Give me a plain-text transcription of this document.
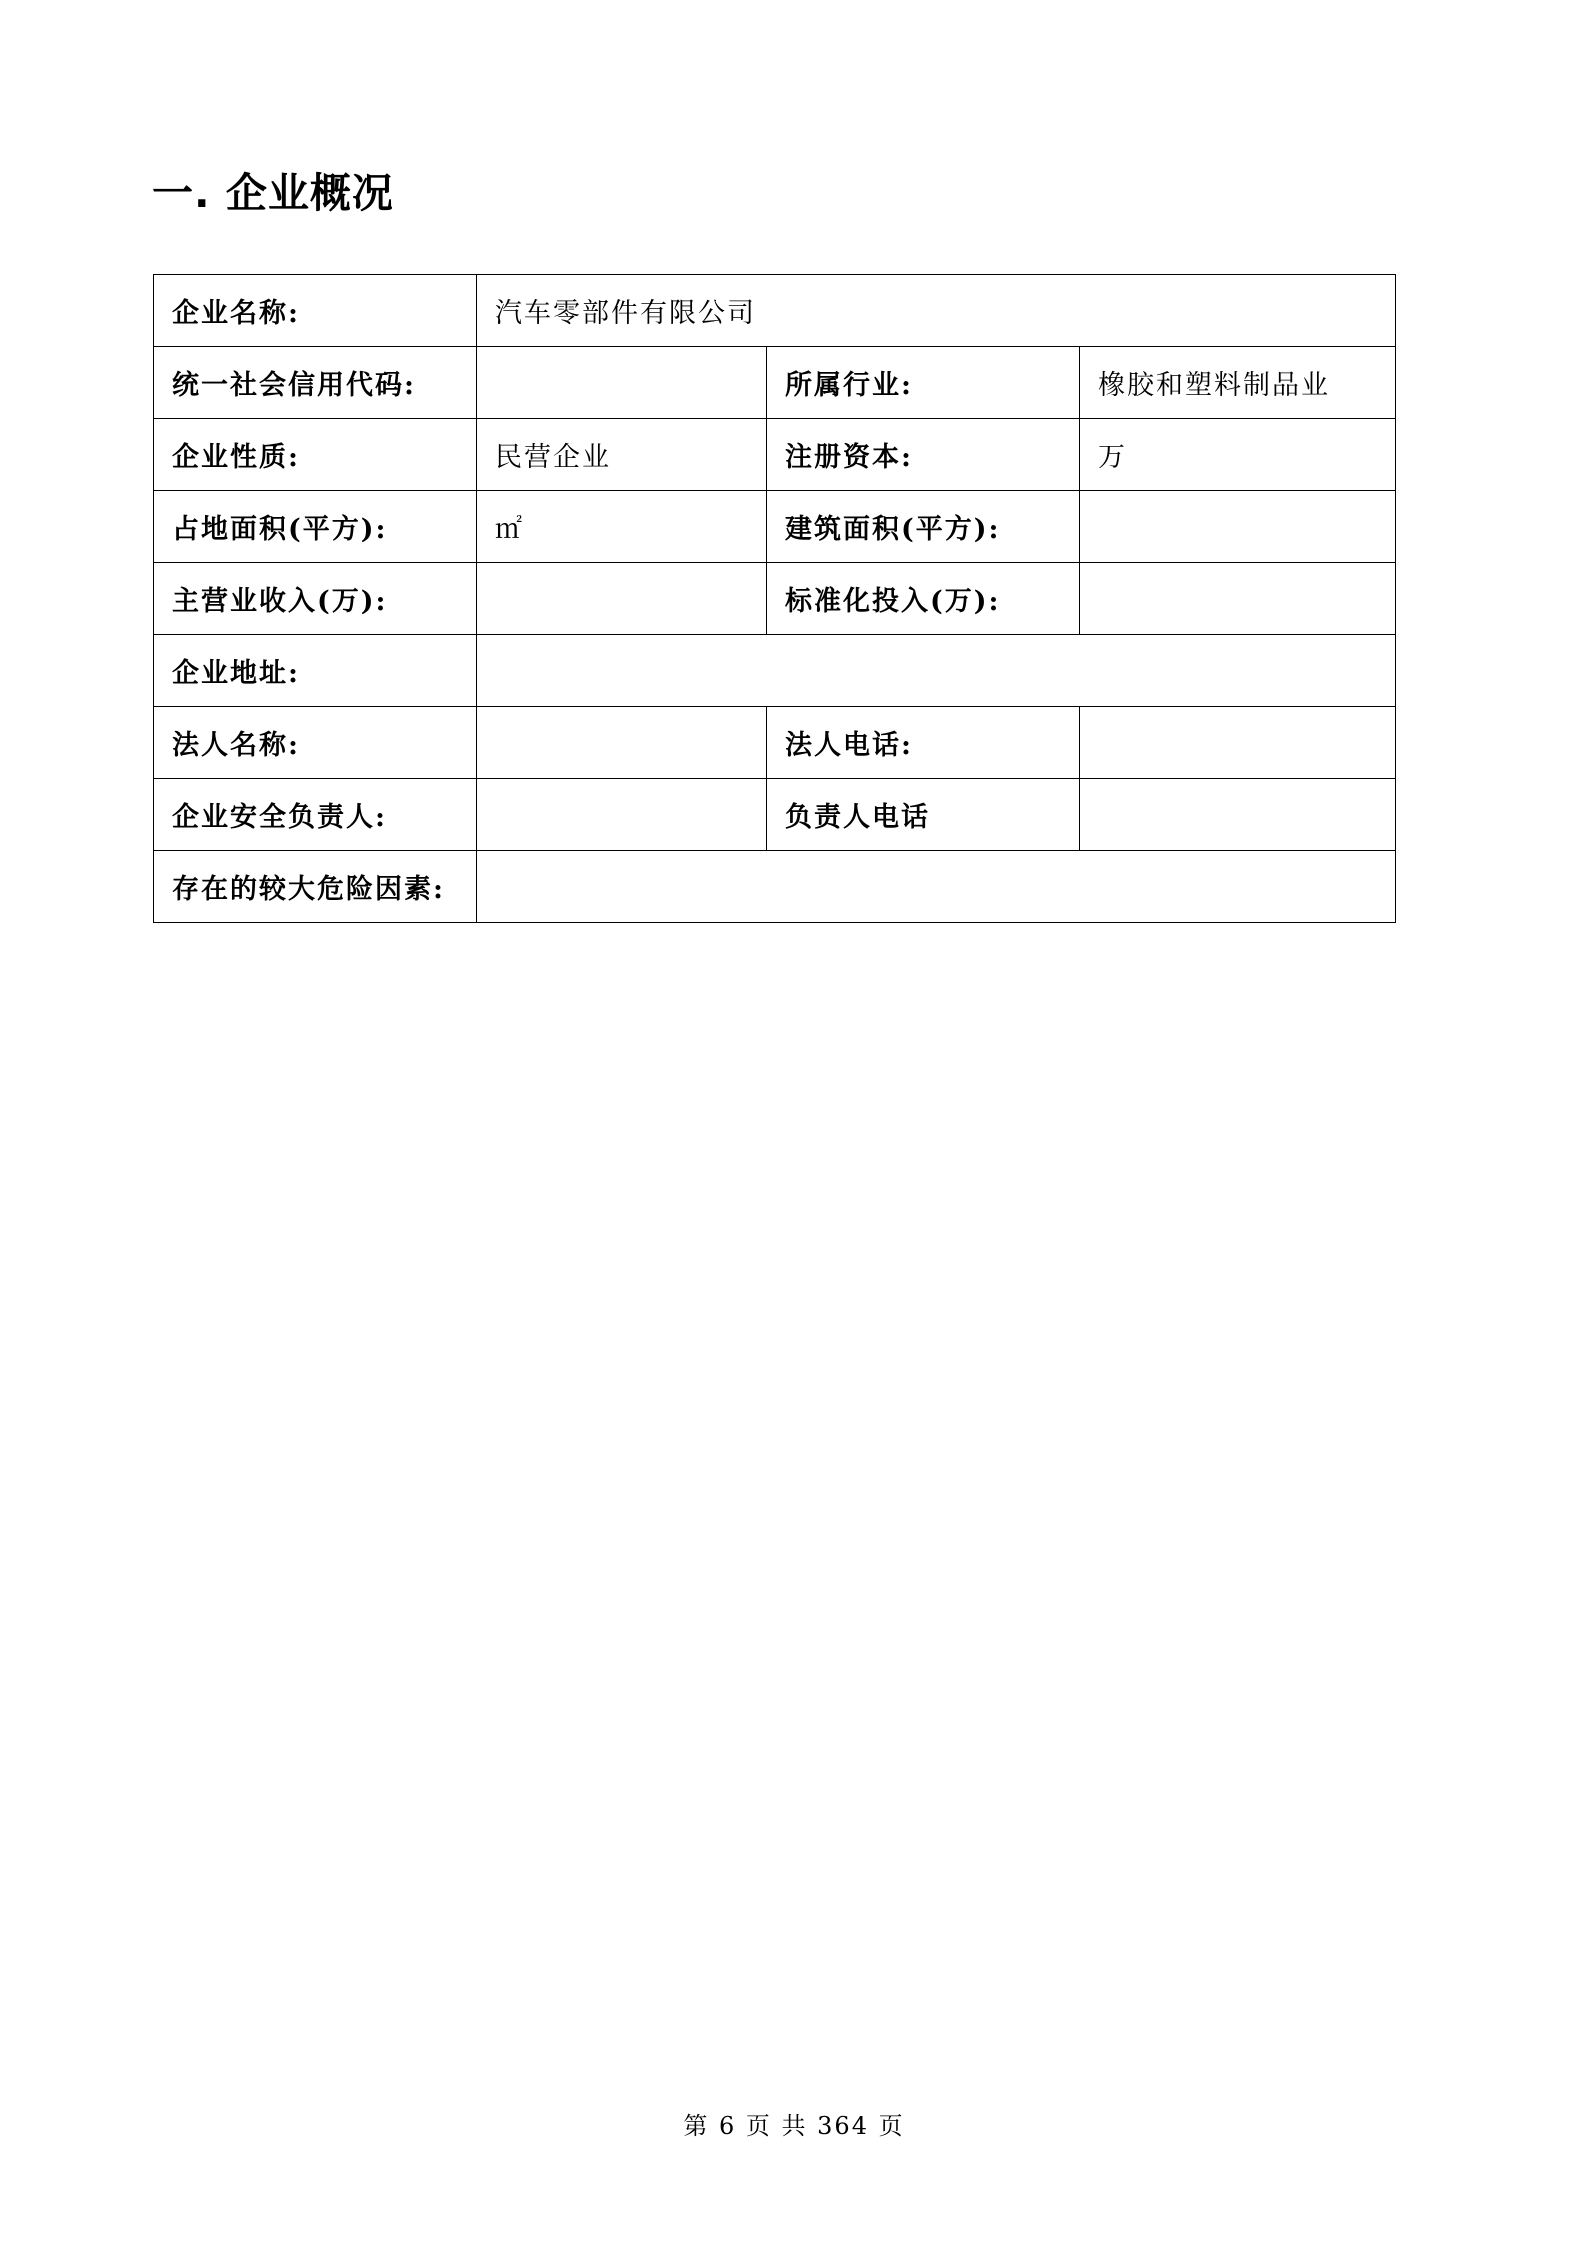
一. 企业概况
企业名称:	汽车零部件有限公司		
统一社会信用代码:		所属行业:	橡胶和塑料制品业
企业性质:	民营企业	注册资本:	万
占地面积(平方):	㎡	建筑面积(平方):	
主营业收入(万):		标准化投入(万):	
企业地址:			
法人名称:		法人电话:	
企业安全负责人:		负责人电话	
存在的较大危险因素:			
第 6 页 共 364 页
